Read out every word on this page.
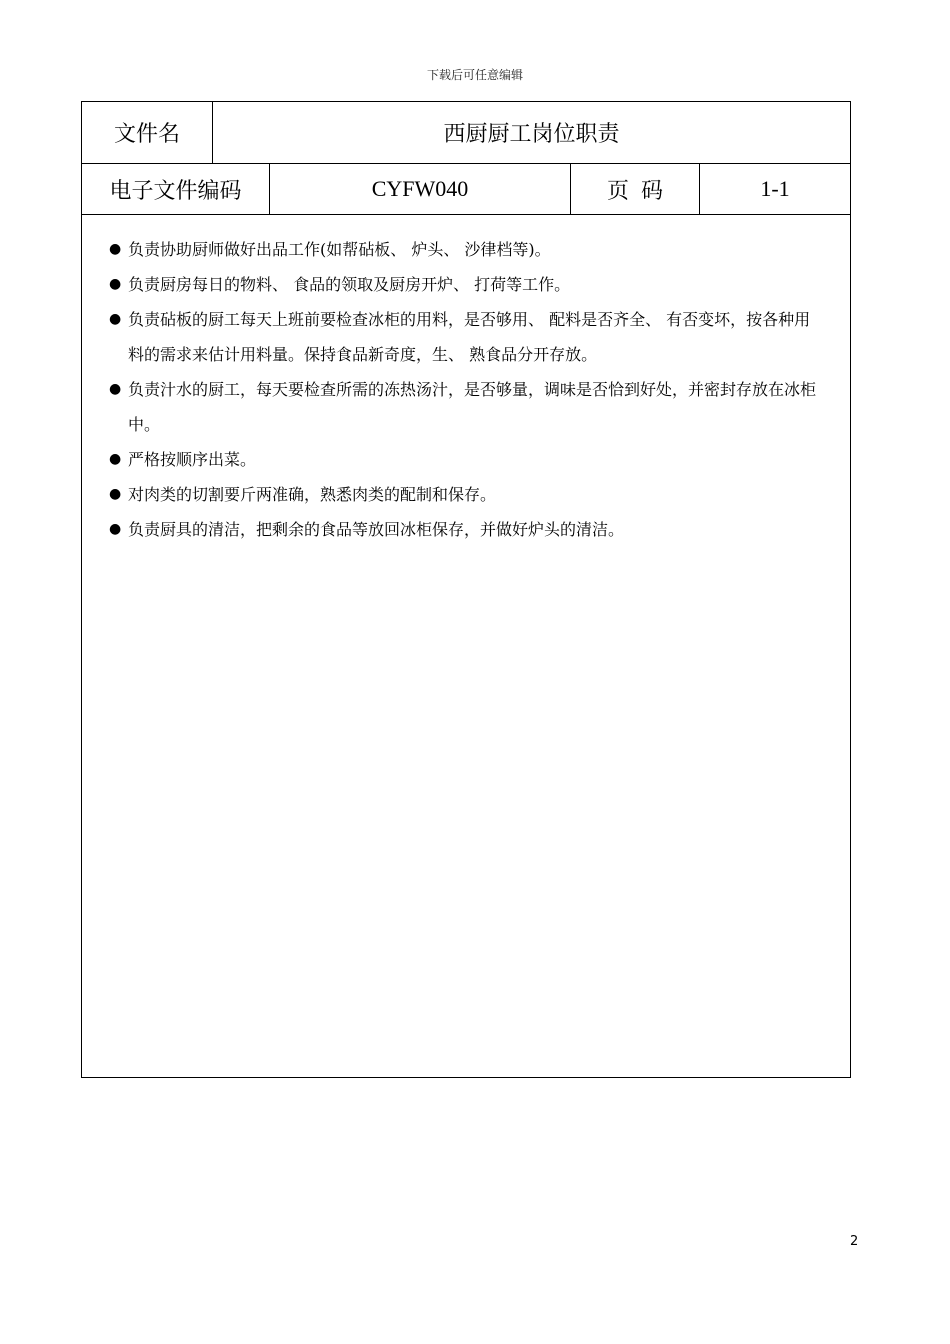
下载后可任意编辑
文件名	西厨厨工岗位职责
电子文件编码	CYFW040	页码	1-1

● 负责协助厨师做好出品工作(如帮砧板、 炉头、 沙律档等)。

● 负责厨房每日的物料、 食品的领取及厨房开炉、 打荷等工作。

● 负责砧板的厨工每天上班前要检查冰柜的用料，是否够用、 配料是否齐全、 有否变坏，按各种用料的需求来估计用料量。保持食品新奇度，生、 熟食品分开存放。

● 负责汁水的厨工，每天要检查所需的冻热汤汁，是否够量，调味是否恰到好处，并密封存放在冰柜中。

● 严格按顺序出菜。

● 对肉类的切割要斤两准确，熟悉肉类的配制和保存。

● 负责厨具的清洁，把剩余的食品等放回冰柜保存，并做好炉头的清洁。

2
